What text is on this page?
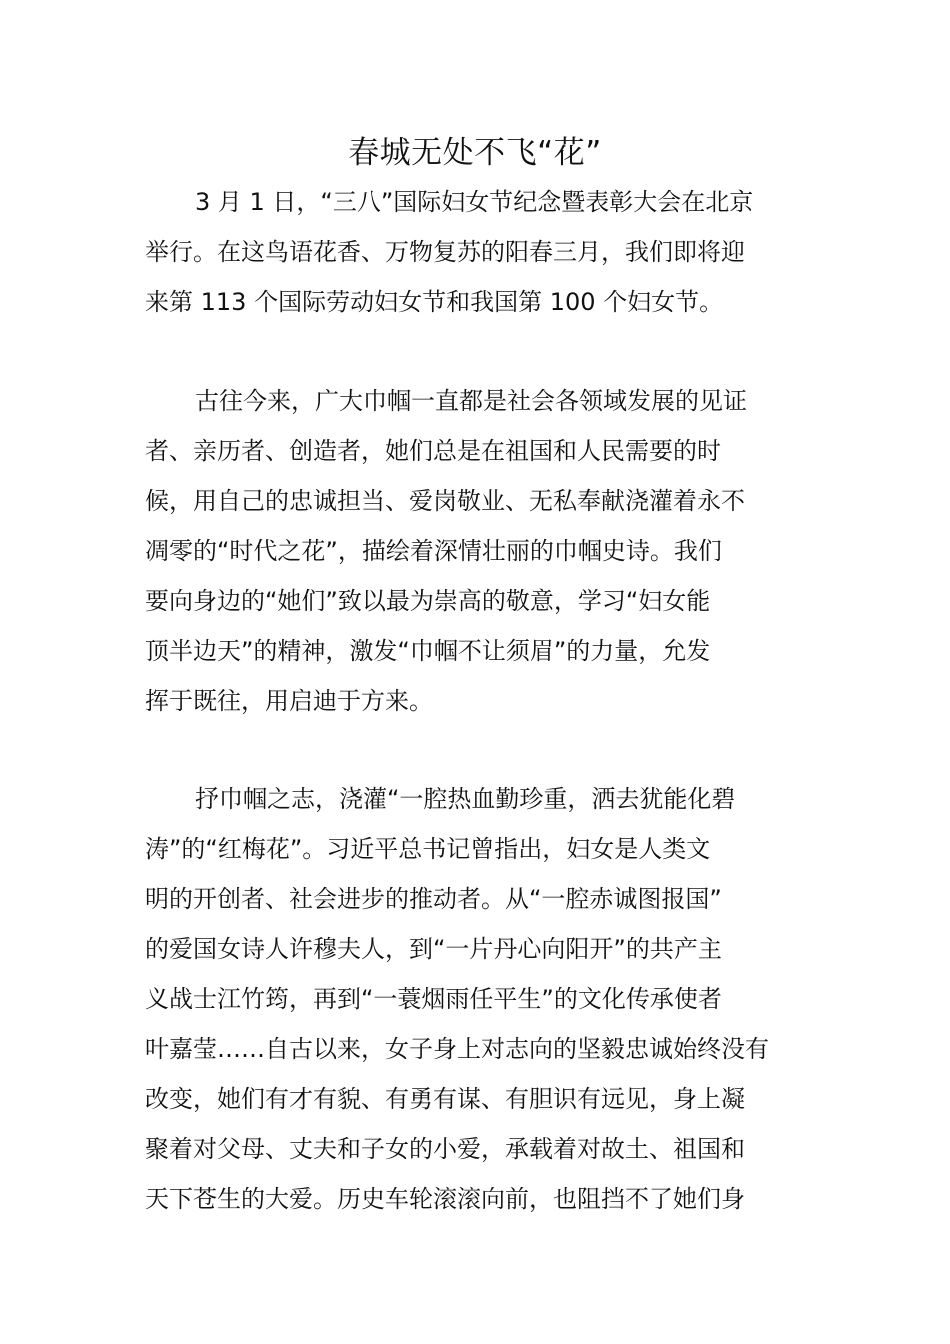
春城无处不飞“花”
3 月 1 日，“三八”国际妇女节纪念暨表彰大会在北京
举行。在这鸟语花香、万物复苏的阳春三月，我们即将迎
来第 113 个国际劳动妇女节和我国第 100 个妇女节。
古往今来，广大巾帼一直都是社会各领域发展的见证
者、亲历者、创造者，她们总是在祖国和人民需要的时
候，用自己的忠诚担当、爱岗敬业、无私奉献浇灌着永不
凋零的“时代之花”，描绘着深情壮丽的巾帼史诗。我们
要向身边的“她们”致以最为崇高的敬意，学习“妇女能
顶半边天”的精神，激发“巾帼不让须眉”的力量，允发
挥于既往，用启迪于方来。
抒巾帼之志，浇灌“一腔热血勤珍重，洒去犹能化碧
涛”的“红梅花”。习近平总书记曾指出，妇女是人类文
明的开创者、社会进步的推动者。从“一腔赤诚图报国”
的爱国女诗人许穆夫人，到“一片丹心向阳开”的共产主
义战士江竹筠，再到“一蓑烟雨任平生”的文化传承使者
叶嘉莹……自古以来，女子身上对志向的坚毅忠诚始终没有
改变，她们有才有貌、有勇有谋、有胆识有远见，身上凝
聚着对父母、丈夫和子女的小爱，承载着对故土、祖国和
天下苍生的大爱。历史车轮滚滚向前，也阻挡不了她们身
